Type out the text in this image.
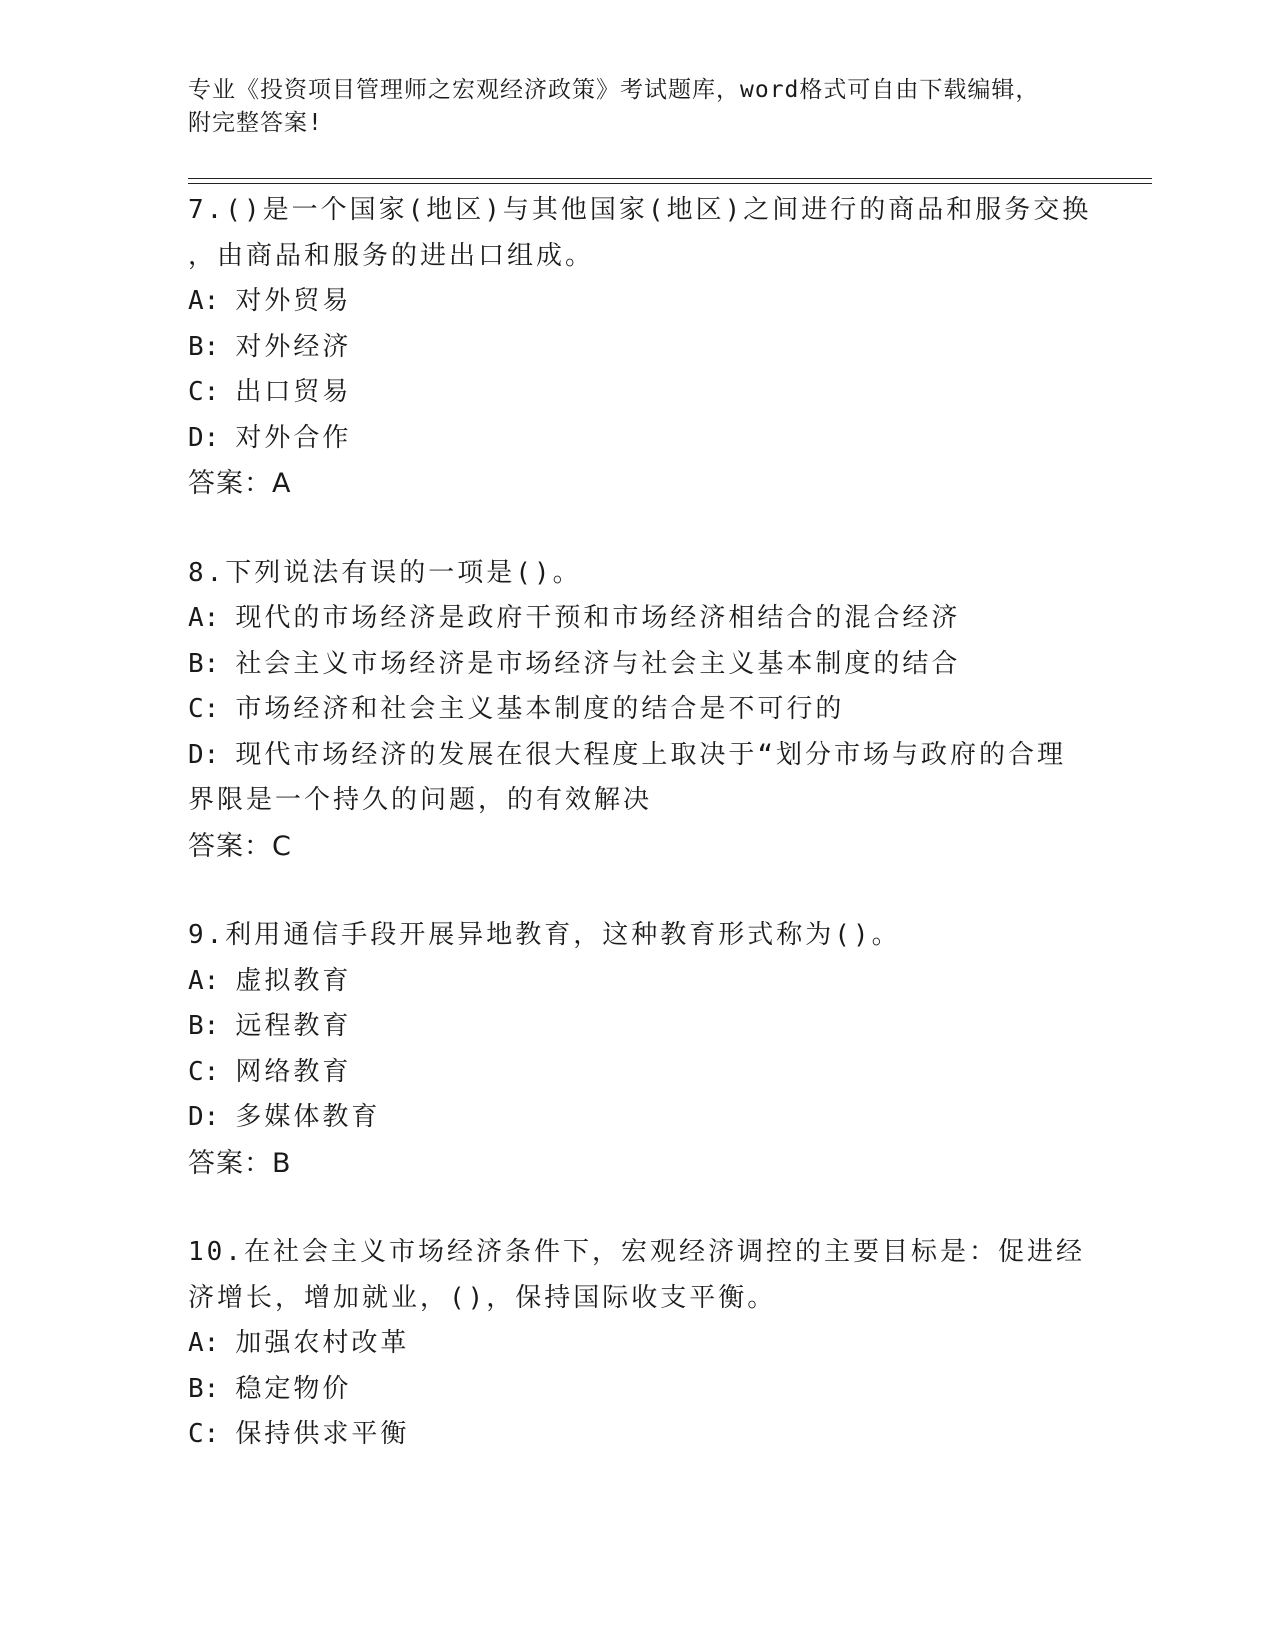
专业《投资项目管理师之宏观经济政策》考试题库，word格式可自由下载编辑，
附完整答案!
7.()是一个国家(地区)与其他国家(地区)之间进行的商品和服务交换
，由商品和服务的进出口组成。
A: 对外贸易
B: 对外经济
C: 出口贸易
D: 对外合作
答案：A
8.下列说法有误的一项是()。
A: 现代的市场经济是政府干预和市场经济相结合的混合经济
B: 社会主义市场经济是市场经济与社会主义基本制度的结合
C: 市场经济和社会主义基本制度的结合是不可行的
D: 现代市场经济的发展在很大程度上取决于“划分市场与政府的合理
界限是一个持久的问题，的有效解决
答案：C
9.利用通信手段开展异地教育，这种教育形式称为()。
A: 虚拟教育
B: 远程教育
C: 网络教育
D: 多媒体教育
答案：B
10.在社会主义市场经济条件下，宏观经济调控的主要目标是：促进经
济增长，增加就业，()，保持国际收支平衡。
A: 加强农村改革
B: 稳定物价
C: 保持供求平衡
